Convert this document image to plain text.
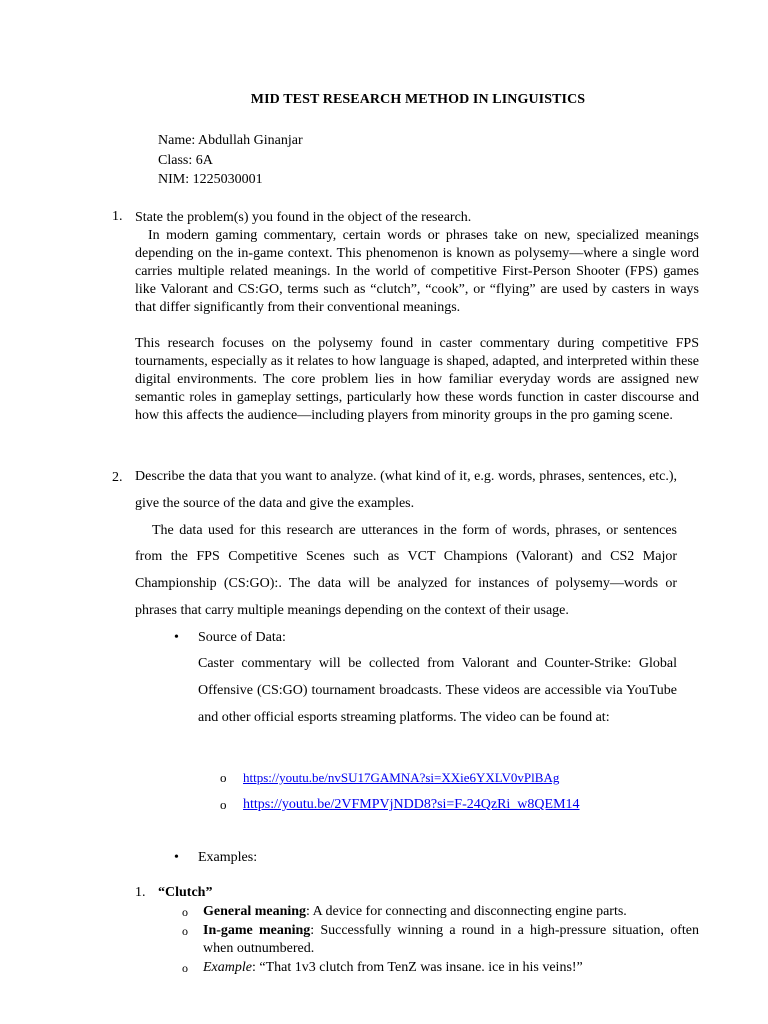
MID TEST RESEARCH METHOD IN LINGUISTICS
Name: Abdullah Ginanjar
Class: 6A
NIM: 1225030001
1. State the problem(s) you found in the object of the research.

In modern gaming commentary, certain words or phrases take on new, specialized meanings depending on the in-game context. This phenomenon is known as polysemy—where a single word carries multiple related meanings. In the world of competitive First-Person Shooter (FPS) games like Valorant and CS:GO, terms such as “clutch”, “cook”, or “flying” are used by casters in ways that differ significantly from their conventional meanings.

This research focuses on the polysemy found in caster commentary during competitive FPS tournaments, especially as it relates to how language is shaped, adapted, and interpreted within these digital environments. The core problem lies in how familiar everyday words are assigned new semantic roles in gameplay settings, particularly how these words function in caster discourse and how this affects the audience—including players from minority groups in the pro gaming scene.

2. Describe the data that you want to analyze. (what kind of it, e.g. words, phrases, sentences, etc.), give the source of the data and give the examples.

The data used for this research are utterances in the form of words, phrases, or sentences from the FPS Competitive Scenes such as VCT Champions (Valorant) and CS2 Major Championship (CS:GO):. The data will be analyzed for instances of polysemy—words or phrases that carry multiple meanings depending on the context of their usage.

• Source of Data:
Caster commentary will be collected from Valorant and Counter-Strike: Global Offensive (CS:GO) tournament broadcasts. These videos are accessible via YouTube and other official esports streaming platforms. The video can be found at:
o https://youtu.be/nvSU17GAMNA?si=XXie6YXLV0vPlBAg
o https://youtu.be/2VFMPVjNDD8?si=F-24QzRi_w8QEM14
• Examples:
1. “Clutch”
o General meaning: A device for connecting and disconnecting engine parts.
o In-game meaning: Successfully winning a round in a high-pressure situation, often when outnumbered.
o Example: “That 1v3 clutch from TenZ was insane. ice in his veins!”
